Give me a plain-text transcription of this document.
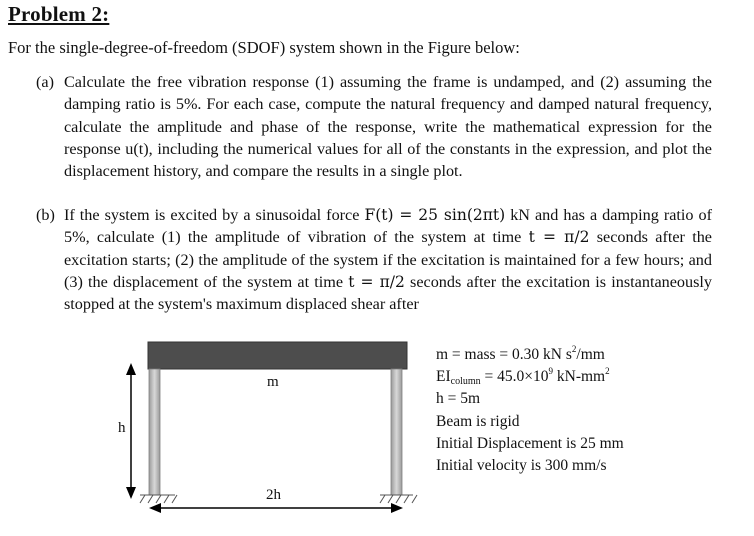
Problem 2:
For the single-degree-of-freedom (SDOF) system shown in the Figure below:
(a) Calculate the free vibration response (1) assuming the frame is undamped, and (2) assuming the damping ratio is 5%. For each case, compute the natural frequency and damped natural frequency, calculate the amplitude and phase of the response, write the mathematical expression for the response u(t), including the numerical values for all of the constants in the expression, and plot the displacement history, and compare the results in a single plot.
(b) If the system is excited by a sinusoidal force F(t) = 25 sin(2πt) kN and has a damping ratio of 5%, calculate (1) the amplitude of vibration of the system at time t = π/2 seconds after the excitation starts; (2) the amplitude of the system if the excitation is maintained for a few hours; and (3) the displacement of the system at time t = π/2 seconds after the excitation is instantaneously stopped at the system's maximum displaced shear after
m
h
2h
m = mass = 0.30 kN $s^2/mm$
$EI_{column} = 45.0\times 10^9$ $kN-mm^2$
h = 5m
Beam is rigid
Initial Displacement is 25 mm
Initial velocity is 300 mm/s
